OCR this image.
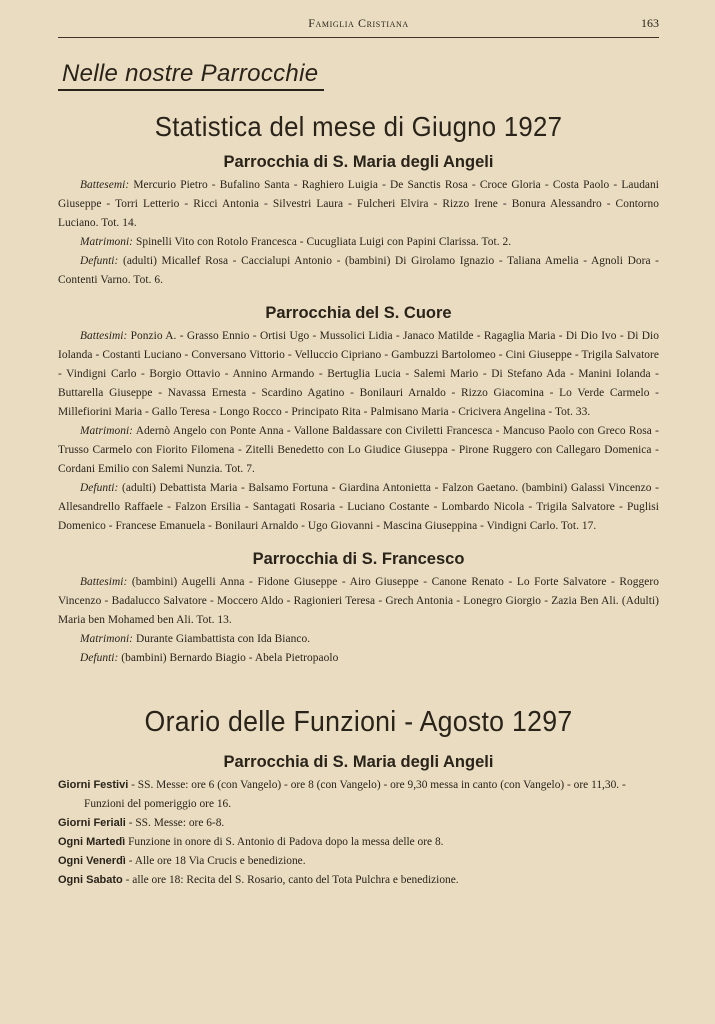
Famiglia Cristiana	163
Nelle nostre Parrocchie
Statistica del mese di Giugno 1927
Parrocchia di S. Maria degli Angeli

Battesemi: Mercurio Pietro - Bufalino Santa - Raghiero Luigia - De Sanctis Rosa - Croce Gloria - Costa Paolo - Laudani Giuseppe - Torri Letterio - Ricci Antonia - Silvestri Laura - Fulcheri Elvira - Rizzo Irene - Bonura Alessandro - Contorno Luciano. Tot. 14.

Matrimoni: Spinelli Vito con Rotolo Francesca - Cucugliata Luigi con Papini Clarissa. Tot. 2.

Defunti: (adulti) Micallef Rosa - Caccialupi Antonio - (bambini) Di Girolamo Ignazio - Taliana Amelia - Agnoli Dora - Contenti Varno. Tot. 6.

Parrocchia del S. Cuore

Battesimi: Ponzio A. - Grasso Ennio - Ortisi Ugo - Mussolici Lidia - Janaco Matilde - Ragaglia Maria - Di Dio Ivo - Di Dio Iolanda - Costanti Luciano - Conversano Vittorio - Velluccio Cipriano - Gambuzzi Bartolomeo - Cini Giuseppe - Trigila Salvatore - Vindigni Carlo - Borgio Ottavio - Annino Armando - Bertuglia Lucia - Salemi Mario - Di Stefano Ada - Manini Iolanda - Buttarella Giuseppe - Navassa Ernesta - Scardino Agatino - Bonilauri Arnaldo - Rizzo Giacomina - Lo Verde Carmelo - Millefiorini Maria - Gallo Teresa - Longo Rocco - Principato Rita - Palmisano Maria - Cricivera Angelina - Tot. 33.

Matrimoni: Adernò Angelo con Ponte Anna - Vallone Baldassare con Civiletti Francesca - Mancuso Paolo con Greco Rosa - Trusso Carmelo con Fiorito Filomena - Zitelli Benedetto con Lo Giudice Giuseppa - Pirone Ruggero con Callegaro Domenica - Cordani Emilio con Salemi Nunzia. Tot. 7.

Defunti: (adulti) Debattista Maria - Balsamo Fortuna - Giardina Antonietta - Falzon Gaetano. (bambini) Galassi Vincenzo - Allesandrello Raffaele - Falzon Ersilia - Santagati Rosaria - Luciano Costante - Lombardo Nicola - Trigila Salvatore - Puglisi Domenico - Francese Emanuela - Bonilauri Arnaldo - Ugo Giovanni - Mascina Giuseppina - Vindigni Carlo. Tot. 17.

Parrocchia di S. Francesco

Battesimi: (bambini) Augelli Anna - Fidone Giuseppe - Airo Giuseppe - Canone Renato - Lo Forte Salvatore - Roggero Vincenzo - Badalucco Salvatore - Moccero Aldo - Ragionieri Teresa - Grech Antonia - Lonegro Giorgio - Zazia Ben Ali. (Adulti) Maria ben Mohamed ben Ali. Tot. 13.

Matrimoni: Durante Giambattista con Ida Bianco.

Defunti: (bambini) Bernardo Biagio - Abela Pietropaolo

Orario delle Funzioni - Agosto 1297
Parrocchia di S. Maria degli Angeli

Giorni Festivi - SS. Messe: ore 6 (con Vangelo) - ore 8 (con Vangelo) - ore 9,30 messa in canto (con Vangelo) - ore 11,30. - Funzioni del pomeriggio ore 16.

Giorni Feriali - SS. Messe: ore 6-8.

Ogni Martedì Funzione in onore di S. Antonio di Padova dopo la messa delle ore 8.

Ogni Venerdì - Alle ore 18 Via Crucis e benedizione.

Ogni Sabato - alle ore 18: Recita del S. Rosario, canto del Tota Pulchra e benedizione.
